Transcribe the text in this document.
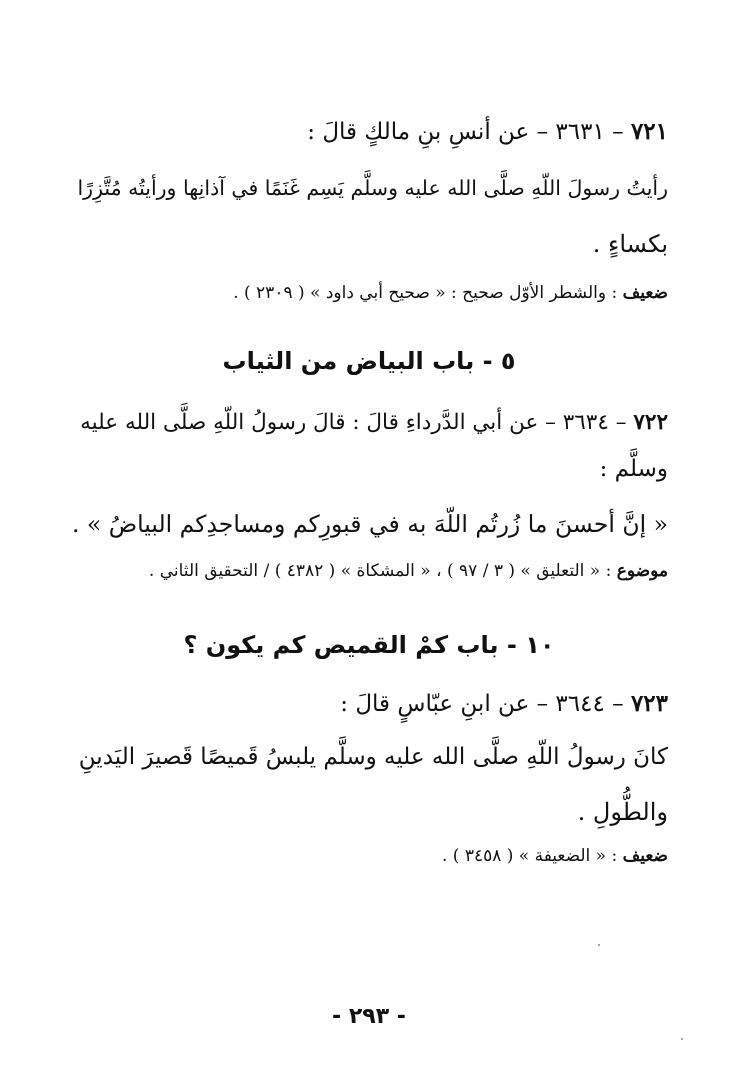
٧٢١ – ٣٦٣١ – عن أنسِ بنِ مالكٍ قالَ :
رأيتُ رسولَ اللّهِ صلَّى الله عليه وسلَّم يَسِم غَنَمًا في آذانِها ورأيتُه مُتَّزِرًا
بكساءٍ .
ضعيف : والشطر الأوّل صحيح : « صحيح أبي داود » ( ٢٣٠٩ ) .
٥ - باب البياض من الثياب
٧٢٢ – ٣٦٣٤ – عن أبي الدَّرداءِ قالَ : قالَ رسولُ اللّهِ صلَّى الله عليه
وسلَّم :
« إنَّ أحسنَ ما زُرتُم اللّهَ به في قبورِكم ومساجدِكم البياضُ » .
موضوع : « التعليق » ( ٣ / ٩٧ ) ، « المشكاة » ( ٤٣٨٢ ) / التحقيق الثاني .
١٠ - باب كمْ القميص كم يكون ؟
٧٢٣ – ٣٦٤٤ – عن ابنِ عبّاسٍ قالَ :
كانَ رسولُ اللّهِ صلَّى الله عليه وسلَّم يلبسُ قَميصًا قَصيرَ اليَدينِ
والطُّولِ .
ضعيف : « الضعيفة » ( ٣٤٥٨ ) .
- ٢٩٣ -
